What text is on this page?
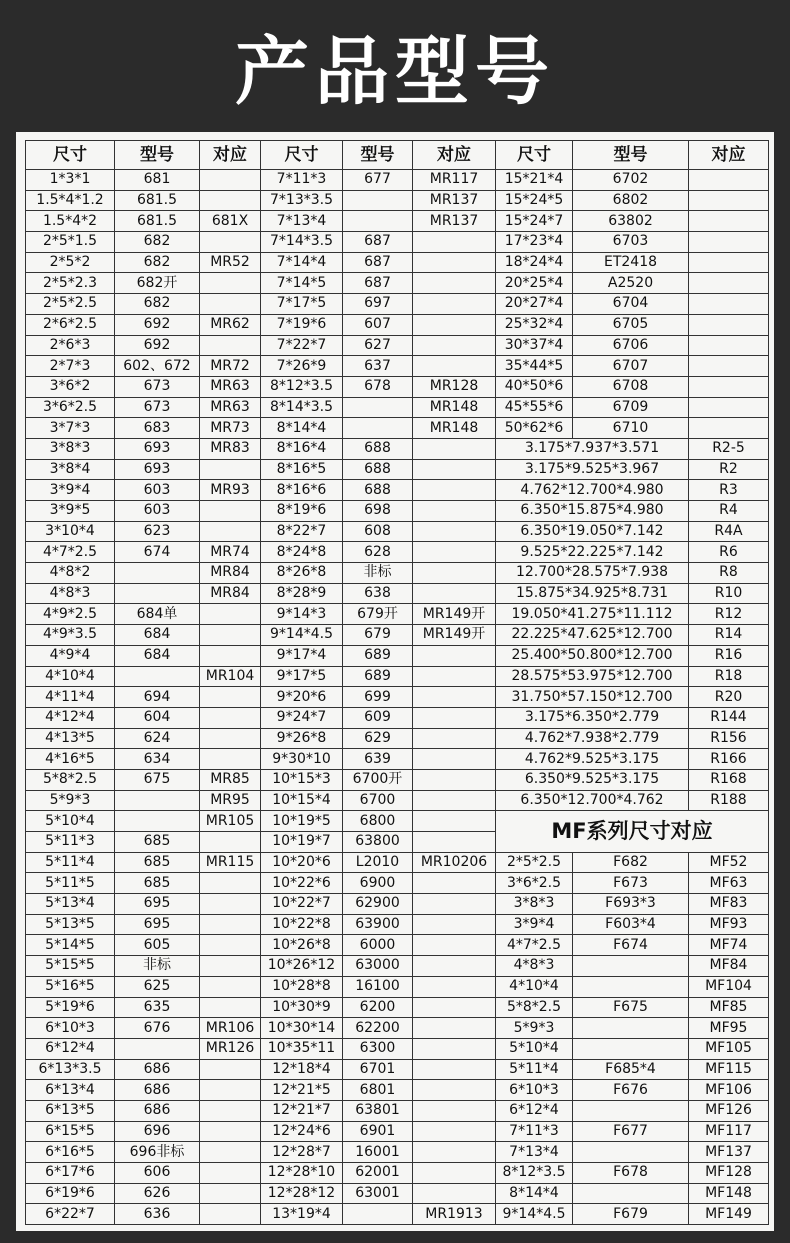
产品型号
尺寸	型号	对应	尺寸	型号	对应	尺寸	型号	对应
1*3*1	681		7*11*3	677	MR117	15*21*4	6702	
1.5*4*1.2	681.5		7*13*3.5		MR137	15*24*5	6802	
1.5*4*2	681.5	681X	7*13*4		MR137	15*24*7	63802	
2*5*1.5	682		7*14*3.5	687		17*23*4	6703	
2*5*2	682	MR52	7*14*4	687		18*24*4	ET2418	
2*5*2.3	682开		7*14*5	687		20*25*4	A2520	
2*5*2.5	682		7*17*5	697		20*27*4	6704	
2*6*2.5	692	MR62	7*19*6	607		25*32*4	6705	
2*6*3	692		7*22*7	627		30*37*4	6706	
2*7*3	602、672	MR72	7*26*9	637		35*44*5	6707	
3*6*2	673	MR63	8*12*3.5	678	MR128	40*50*6	6708	
3*6*2.5	673	MR63	8*14*3.5		MR148	45*55*6	6709	
3*7*3	683	MR73	8*14*4		MR148	50*62*6	6710	
3*8*3	693	MR83	8*16*4	688		3.175*7.937*3.571		R2-5
3*8*4	693		8*16*5	688		3.175*9.525*3.967		R2
3*9*4	603	MR93	8*16*6	688		4.762*12.700*4.980		R3
3*9*5	603		8*19*6	698		6.350*15.875*4.980		R4
3*10*4	623		8*22*7	608		6.350*19.050*7.142		R4A
4*7*2.5	674	MR74	8*24*8	628		9.525*22.225*7.142		R6
4*8*2		MR84	8*26*8	非标		12.700*28.575*7.938		R8
4*8*3		MR84	8*28*9	638		15.875*34.925*8.731		R10
4*9*2.5	684单		9*14*3	679开	MR149开	19.050*41.275*11.112		R12
4*9*3.5	684		9*14*4.5	679	MR149开	22.225*47.625*12.700		R14
4*9*4	684		9*17*4	689		25.400*50.800*12.700		R16
4*10*4		MR104	9*17*5	689		28.575*53.975*12.700		R18
4*11*4	694		9*20*6	699		31.750*57.150*12.700		R20
4*12*4	604		9*24*7	609		3.175*6.350*2.779		R144
4*13*5	624		9*26*8	629		4.762*7.938*2.779		R156
4*16*5	634		9*30*10	639		4.762*9.525*3.175		R166
5*8*2.5	675	MR85	10*15*3	6700开		6.350*9.525*3.175		R168
5*9*3		MR95	10*15*4	6700		6.350*12.700*4.762		R188
5*10*4		MR105	10*19*5	6800		MF系列尺寸对应		
5*11*3	685		10*19*7	63800				
5*11*4	685	MR115	10*20*6	L2010	MR10206	2*5*2.5	F682	MF52
5*11*5	685		10*22*6	6900		3*6*2.5	F673	MF63
5*13*4	695		10*22*7	62900		3*8*3	F693*3	MF83
5*13*5	695		10*22*8	63900		3*9*4	F603*4	MF93
5*14*5	605		10*26*8	6000		4*7*2.5	F674	MF74
5*15*5	非标		10*26*12	63000		4*8*3		MF84
5*16*5	625		10*28*8	16100		4*10*4		MF104
5*19*6	635		10*30*9	6200		5*8*2.5	F675	MF85
6*10*3	676	MR106	10*30*14	62200		5*9*3		MF95
6*12*4		MR126	10*35*11	6300		5*10*4		MF105
6*13*3.5	686		12*18*4	6701		5*11*4	F685*4	MF115
6*13*4	686		12*21*5	6801		6*10*3	F676	MF106
6*13*5	686		12*21*7	63801		6*12*4		MF126
6*15*5	696		12*24*6	6901		7*11*3	F677	MF117
6*16*5	696非标		12*28*7	16001		7*13*4		MF137
6*17*6	606		12*28*10	62001		8*12*3.5	F678	MF128
6*19*6	626		12*28*12	63001		8*14*4		MF148
6*22*7	636		13*19*4		MR1913	9*14*4.5	F679	MF149
